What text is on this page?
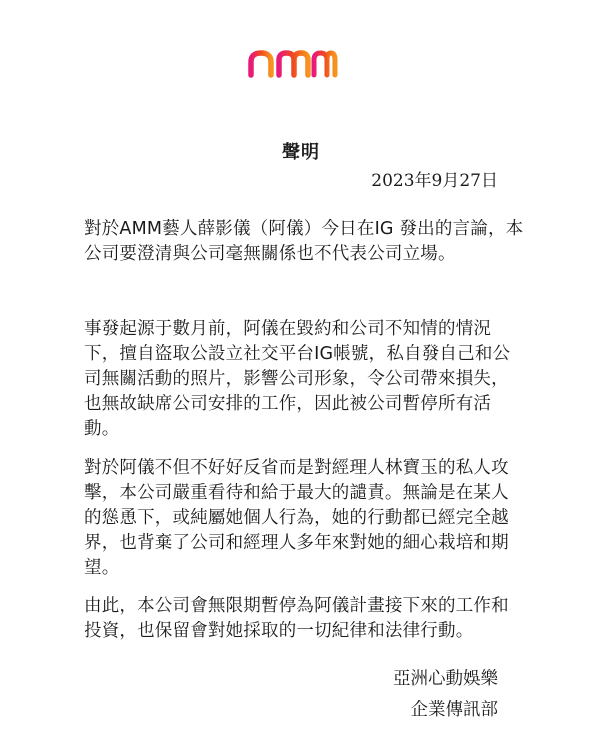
聲明
2023年9月27日

對於AMM藝人薛影儀（阿儀）今日在IG 發出的言論，本公司要澄清與公司毫無關係也不代表公司立場。

事發起源于數月前，阿儀在毀約和公司不知情的情況下，擅自盜取公設立社交平台IG帳號，私自發自己和公司無關活動的照片，影響公司形象，令公司帶來損失，也無故缺席公司安排的工作，因此被公司暫停所有活動。

對於阿儀不但不好好反省而是對經理人林寶玉的私人攻擊，本公司嚴重看待和給于最大的譴責。無論是在某人的慫恿下，或純屬她個人行為，她的行動都已經完全越界，也背棄了公司和經理人多年來對她的細心栽培和期望。

由此，本公司會無限期暫停為阿儀計畫接下來的工作和投資，也保留會對她採取的一切紀律和法律行動。

亞洲心動娛樂
企業傳訊部
